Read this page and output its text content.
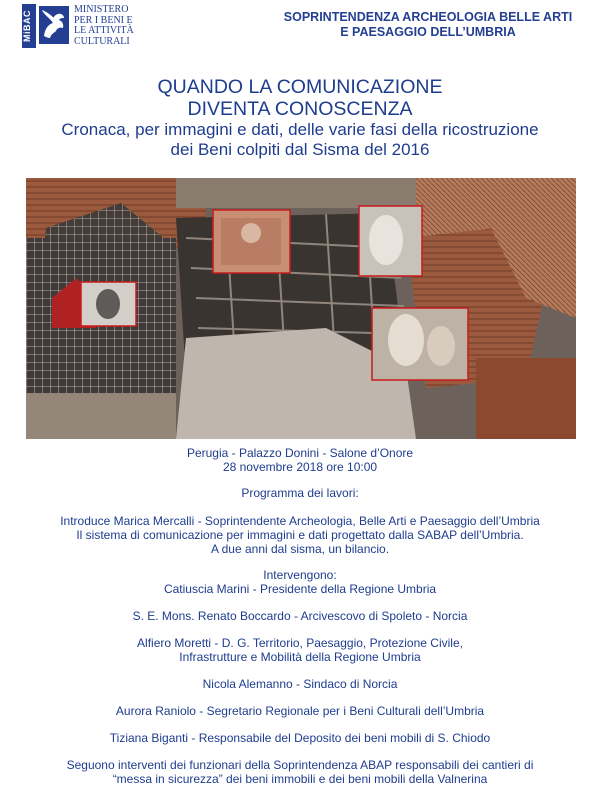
MiBAC
MINISTERO
PER I BENI E
LE ATTIVITÀ
CULTURALI
SOPRINTENDENZA ARCHEOLOGIA BELLE ARTI
E PAESAGGIO DELL’UMBRIA
QUANDO LA COMUNICAZIONE
DIVENTA CONOSCENZA
Cronaca, per immagini e dati, delle varie fasi della ricostruzione
dei Beni colpiti dal Sisma del 2016

Perugia - Palazzo Donini - Salone d’Onore

28 novembre 2018 ore 10:00

Programma dei lavori:

Introduce Marica Mercalli - Soprintendente Archeologia, Belle Arti e Paesaggio dell’Umbria

Il sistema di comunicazione per immagini e dati progettato dalla SABAP dell’Umbria.

A due anni dal sisma, un bilancio.

Intervengono:

Catiuscia Marini - Presidente della Regione Umbria

S. E. Mons. Renato Boccardo - Arcivescovo di Spoleto - Norcia

Alfiero Moretti - D. G. Territorio, Paesaggio, Protezione Civile,

Infrastrutture e Mobilità della Regione Umbria

Nicola Alemanno - Sindaco di Norcia

Aurora Raniolo - Segretario Regionale per i Beni Culturali dell’Umbria

Tiziana Biganti - Responsabile del Deposito dei beni mobili di S. Chiodo

Seguono interventi dei funzionari della Soprintendenza ABAP responsabili dei cantieri di

“messa in sicurezza” dei beni immobili e dei beni mobili della Valnerina
